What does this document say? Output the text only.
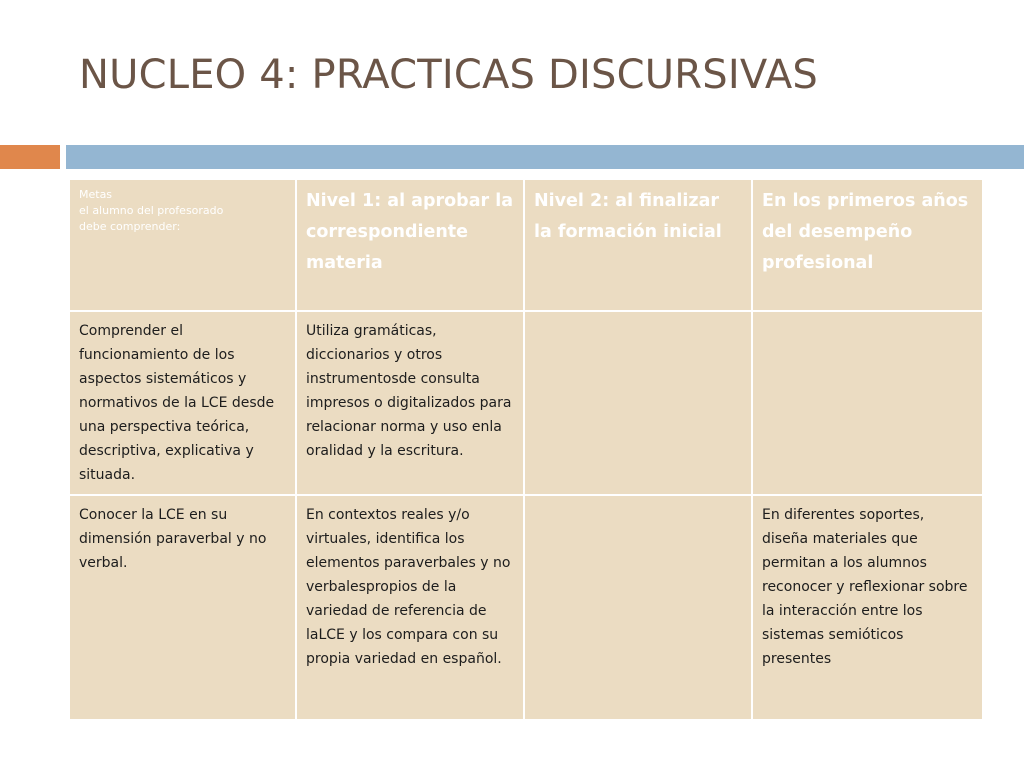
NUCLEO 4: PRACTICAS DISCURSIVAS
Metas
el alumno del profesorado
debe comprender:	Nivel 1: al aprobar la correspondiente materia	Nivel 2: al finalizar la formación inicial	En los primeros años del desempeño profesional
Comprender el funcionamiento de los aspectos sistemáticos y normativos de la LCE desde una perspectiva teórica, descriptiva, explicativa y situada.	Utiliza gramáticas, diccionarios y otros instrumentosde consulta impresos o digitalizados para relacionar norma y uso enla oralidad y la escritura.		
Conocer la LCE en su dimensión paraverbal y no verbal.	En contextos reales y/o virtuales, identifica los elementos paraverbales y no verbalespropios de la variedad de referencia de laLCE y los compara con su propia variedad en español.		En diferentes soportes, diseña materiales que permitan a los alumnos reconocer y reflexionar sobre la interacción entre los sistemas semióticos presentes
